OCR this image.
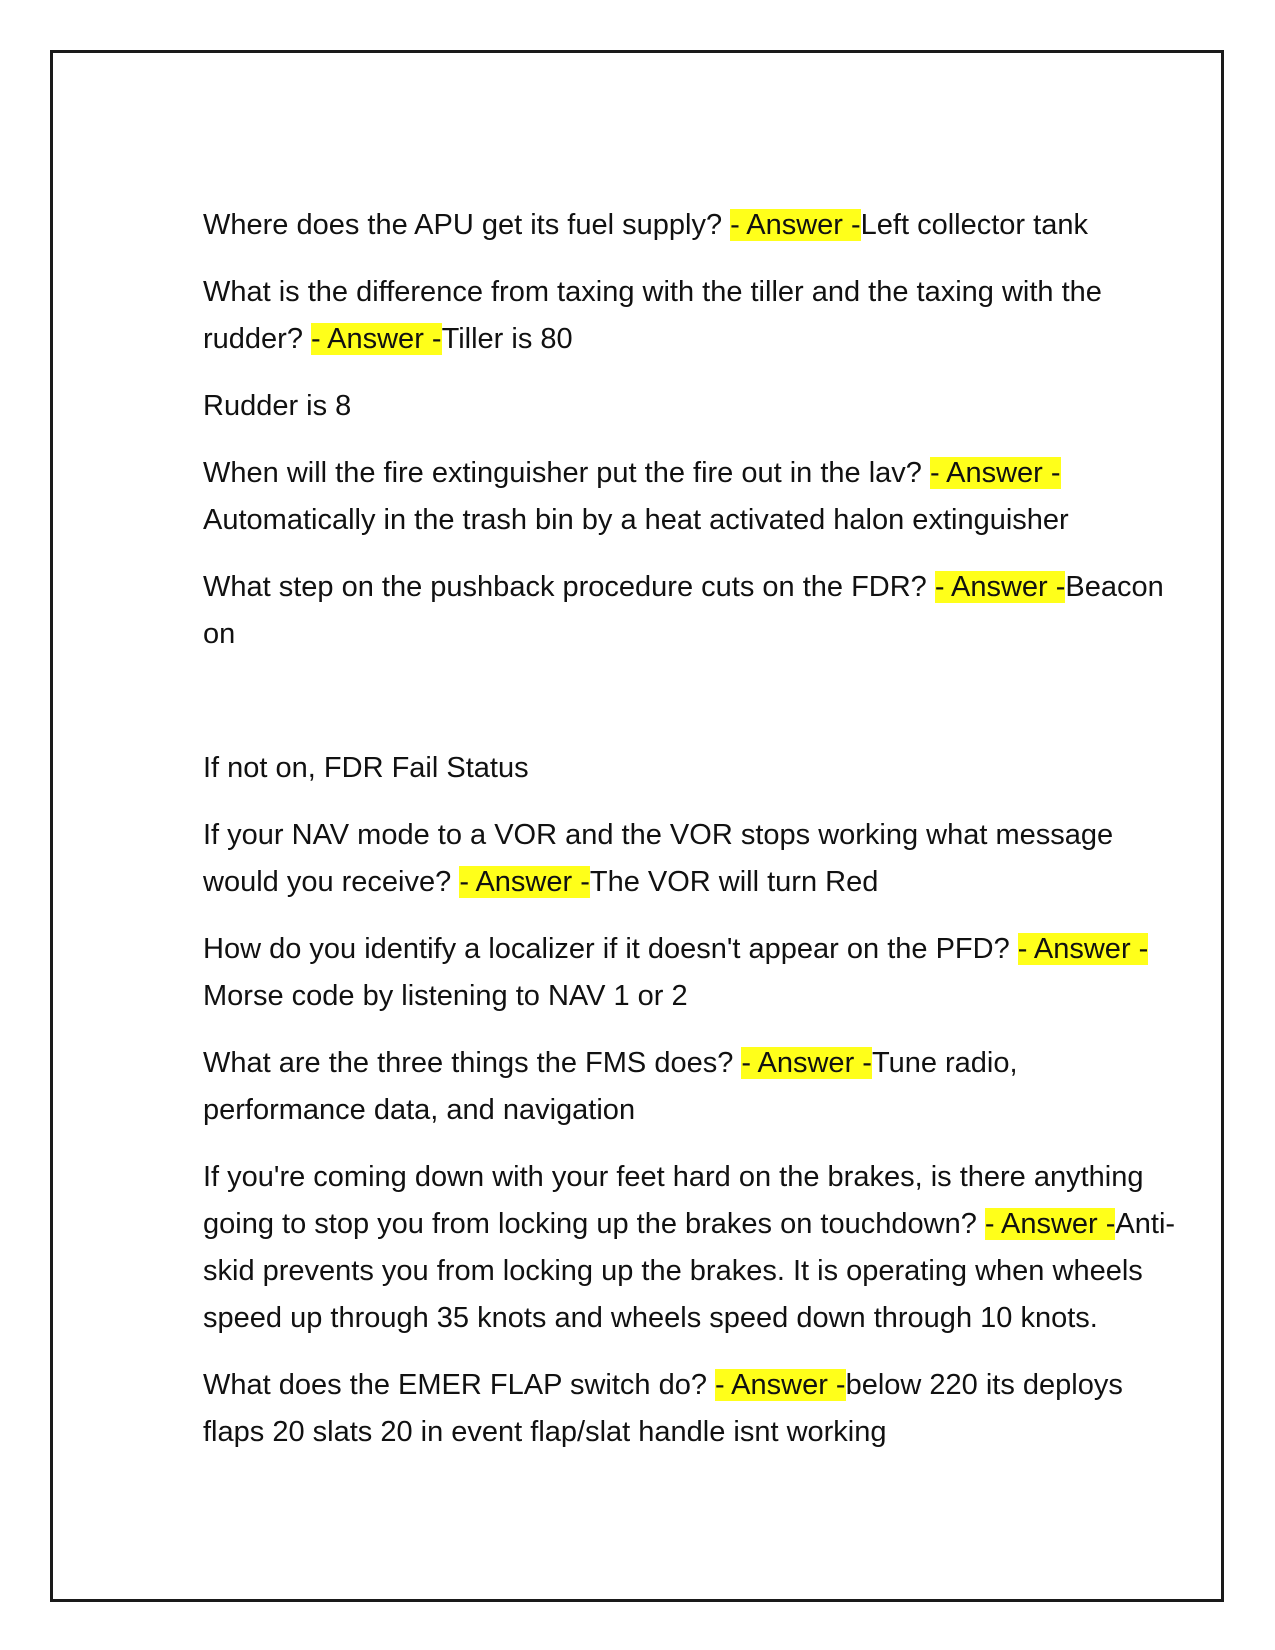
Where does the APU get its fuel supply? - Answer -Left collector tank

What is the difference from taxing with the tiller and the taxing with the rudder? - Answer -Tiller is 80

Rudder is 8

When will the fire extinguisher put the fire out in the lav? - Answer -Automatically in the trash bin by a heat activated halon extinguisher

What step on the pushback procedure cuts on the FDR? - Answer -Beacon on

If not on, FDR Fail Status

If your NAV mode to a VOR and the VOR stops working what message would you receive? - Answer -The VOR will turn Red

How do you identify a localizer if it doesn't appear on the PFD? - Answer -Morse code by listening to NAV 1 or 2

What are the three things the FMS does? - Answer -Tune radio, performance data, and navigation

If you're coming down with your feet hard on the brakes, is there anything going to stop you from locking up the brakes on touchdown? - Answer -Anti-skid prevents you from locking up the brakes. It is operating when wheels speed up through 35 knots and wheels speed down through 10 knots.

What does the EMER FLAP switch do? - Answer -below 220 its deploys flaps 20 slats 20 in event flap/slat handle isnt working
